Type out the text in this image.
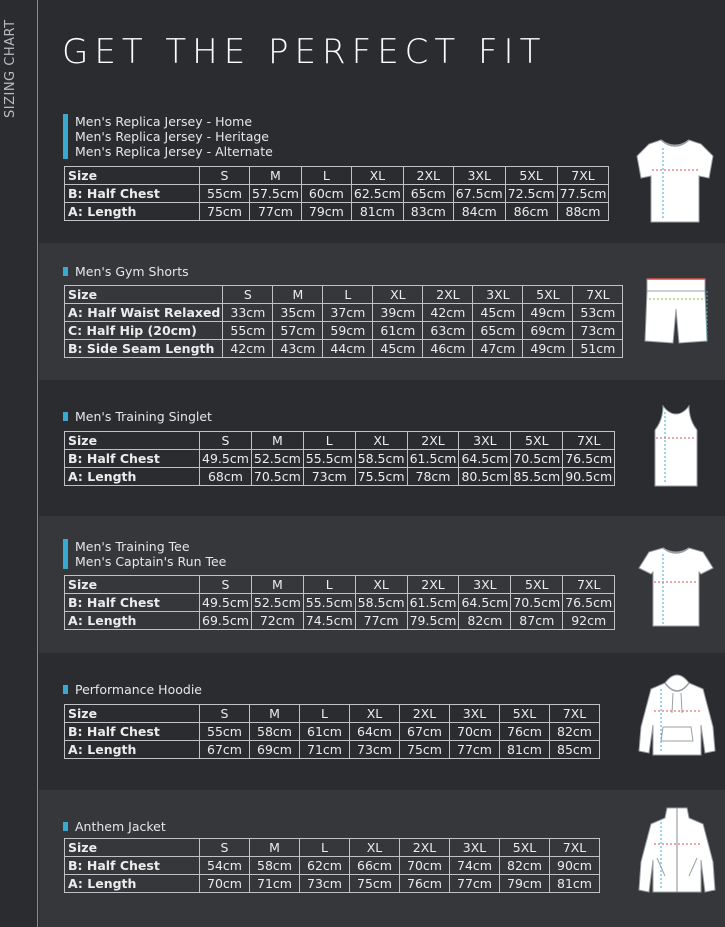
SIZING CHART GET THE PERFECT FIT
Men's Replica Jersey - Home
Men's Replica Jersey - Heritage
Men's Replica Jersey - Alternate
Size	S	M	L	XL	2XL	3XL	5XL	7XL
B: Half Chest	55cm	57.5cm	60cm	62.5cm	65cm	67.5cm	72.5cm	77.5cm
A: Length	75cm	77cm	79cm	81cm	83cm	84cm	86cm	88cm
Men's Gym Shorts
Size	S	M	L	XL	2XL	3XL	5XL	7XL
A: Half Waist Relaxed	33cm	35cm	37cm	39cm	42cm	45cm	49cm	53cm
C: Half Hip (20cm)	55cm	57cm	59cm	61cm	63cm	65cm	69cm	73cm
B: Side Seam Length	42cm	43cm	44cm	45cm	46cm	47cm	49cm	51cm
Men's Training Singlet
Size	S	M	L	XL	2XL	3XL	5XL	7XL
B: Half Chest	49.5cm	52.5cm	55.5cm	58.5cm	61.5cm	64.5cm	70.5cm	76.5cm
A: Length	68cm	70.5cm	73cm	75.5cm	78cm	80.5cm	85.5cm	90.5cm
Men's Training Tee
Men's Captain's Run Tee
Size	S	M	L	XL	2XL	3XL	5XL	7XL
B: Half Chest	49.5cm	52.5cm	55.5cm	58.5cm	61.5cm	64.5cm	70.5cm	76.5cm
A: Length	69.5cm	72cm	74.5cm	77cm	79.5cm	82cm	87cm	92cm
Performance Hoodie
Size	S	M	L	XL	2XL	3XL	5XL	7XL
B: Half Chest	55cm	58cm	61cm	64cm	67cm	70cm	76cm	82cm
A: Length	67cm	69cm	71cm	73cm	75cm	77cm	81cm	85cm
Anthem Jacket
Size	S	M	L	XL	2XL	3XL	5XL	7XL
B: Half Chest	54cm	58cm	62cm	66cm	70cm	74cm	82cm	90cm
A: Length	70cm	71cm	73cm	75cm	76cm	77cm	79cm	81cm
